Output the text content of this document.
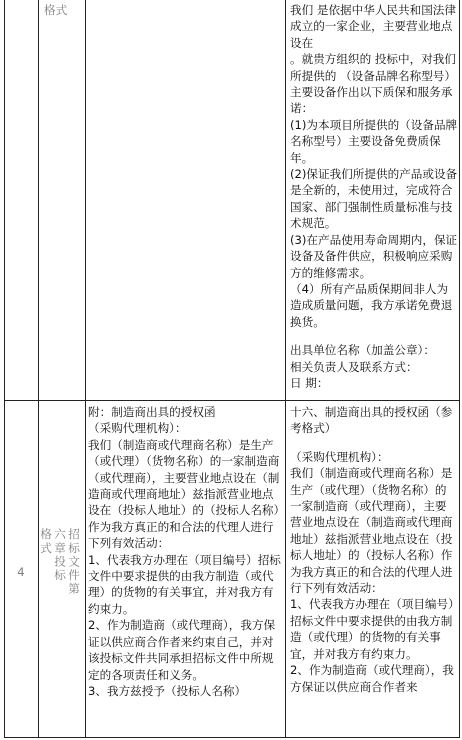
格式	我们 是依据中华人民共和国法律成立的一家企业，主要营业地点设在

。就贵方组织的 投标中，对我们所提供的 （设备品牌名称型号）主要设备作出以下质保和服务承诺：

(1)为本项目所提供的（设备品牌名称型号）主要设备免费质保 年。

(2)保证我们所提供的产品或设备是全新的，未使用过，完成符合国家、部门强制性质量标准与技术规范。

(3)在产品使用寿命周期内，保证设备及备件供应，积极响应采购方的维修需求。

（4）所有产品质保期间非人为造成质量问题，我方承诺免费退换货。

出具单位名称（加盖公章）：

相关负责人及联系方式：

日 期：

4	招标文件第
六章投标
格式

附：制造商出具的授权函

（采购代理机构）：

我们（制造商或代理商名称）是生产（或代理）（货物名称）的一家制造商（或代理商），主要营业地点设在（制造商或代理商地址）兹指派营业地点设在（投标人地址）的（投标人名称）作为我方真正的和合法的代理人进行下列有效活动：

1、代表我方办理在（项目编号）招标文件中要求提供的由我方制造（或代理）的货物的有关事宜，并对我方有约束力。

2、作为制造商（或代理商），我方保证以供应商合作者来约束自己，并对该投标文件共同承担招标文件中所规定的各项责任和义务。

3、我方兹授予（投标人名称）

十六、制造商出具的授权函（参考格式）

（采购代理机构）：

我们（制造商或代理商名称）是生产（或代理）（货物名称）的一家制造商（或代理商），主要营业地点设在（制造商或代理商地址）兹指派营业地点设在（投标人地址）的（投标人名称）作为我方真正的和合法的代理人进行下列有效活动：

1、代表我方办理在（项目编号）招标文件中要求提供的由我方制造（或代理）的货物的有关事宜，并对我方有约束力。

2、作为制造商（或代理商），我方保证以供应商合作者来
